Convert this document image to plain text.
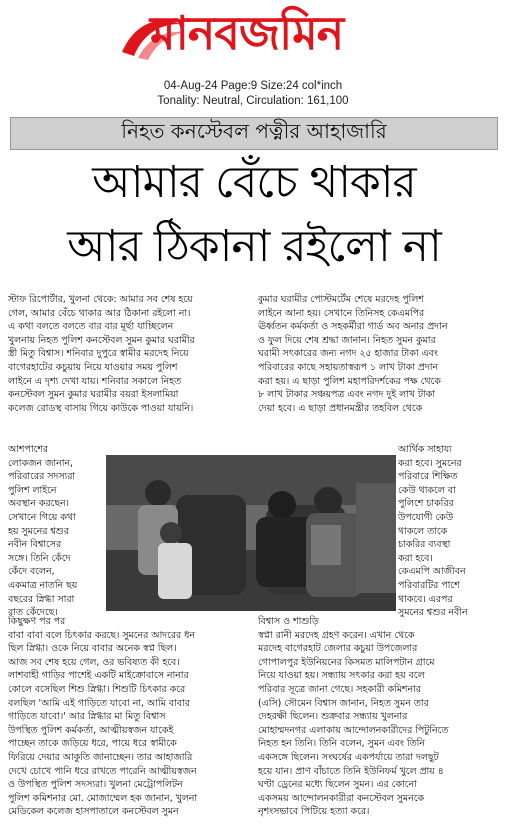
মানবজমিন
04-Aug-24 Page:9 Size:24 col*inch
Tonality: Neutral, Circulation: 161,100
নিহত কনস্টেবল পত্নীর আহাজারি
আমার বেঁচে থাকার
আর ঠিকানা রইলো না
স্টাফ রিপোর্টার, খুলনা থেকে: আমার সব শেষ হয়ে
গেল, আমার বেঁচে থাকার আর ঠিকানা রইলো না।
এ কথা বলতে বলতে বার বার মূর্ছা যাচ্ছিলেন
খুলনায় নিহত পুলিশ কনস্টেবল সুমন কুমার ঘরামীর
স্ত্রী মিতু বিশ্বাস। শনিবার দুপুরে স্বামীর মরদেহ নিয়ে
বাগেরহাটের কচুয়ায় নিয়ে যাওয়ার সময় পুলিশ
লাইনে এ দৃশ্য দেখা যায়। শনিবার সকালে নিহত
কনস্টেবল সুমন কুমার ঘরামীর বয়রা ইসলামিয়া
কলেজ রোডস্থ বাসায় গিয়ে কাউকে পাওয়া যায়নি।
কুমার ঘরামীর পোস্টমর্টেম শেষে মরদেহ পুলিশ
লাইনে আনা হয়। সেখানে তিনিসহ কেএমপির
ঊর্ধ্বতন কর্মকর্তা ও সহকর্মীরা গার্ড অব অনার প্রদান
ও ফুল দিয়ে শেষ শ্রদ্ধা জানান। নিহত সুমন কুমার
ঘরামী সৎকারের জন্য নগদ ২৫ হাজার টাকা এবং
পরিবারের কাছে সহায়তাস্বরূপ ১ লাখ টাকা প্রদান
করা হয়। এ ছাড়া পুলিশ মহাপরিদর্শকের পক্ষ থেকে
৮ লাখ টাকার সঞ্চয়পত্র এবং নগদ দুই লাখ টাকা
দেয়া হবে। এ ছাড়া প্রধানমন্ত্রীর তহবিল থেকে
আশপাশের
লোকজন জানান,
পরিবারের সদস্যরা
পুলিশ লাইনে
অবস্থান করছেন।
সেখানে গিয়ে কথা
হয় সুমনের শ্বশুর
নবীন বিশ্বাসের
সঙ্গে। তিনি কেঁদে
কেঁদে বলেন,
একমাত্র নাতনি ছয়
বছরের স্নিগ্ধা সারা
রাত কেঁদেছে।
আর্থিক সাহায্য
করা হবে। সুমনের
পরিবারে শিক্ষিত
কেউ থাকলে বা
পুলিশে চাকরির
উপযোগী কেউ
থাকলে তাকে
চাকরির ব্যবস্থা
করা হবে।
কেএমপি আজীবন
পরিবারটির পাশে
থাকবে। এরপর
সুমনের শ্বশুর নবীন
কিছুক্ষণ পর পর
বাবা বাবা বলে চিৎকার করছে। সুমনের আদরের ধন
ছিল স্নিগ্ধা। ওকে নিয়ে বাবার অনেক স্বপ্ন ছিল।
আজ সব শেষ হয়ে গেল, ওর ভবিষ্যত কী হবে।
লাশবাহী গাড়ির পাশেই একটি মাইক্রোবাসে নানার
কোলে বসেছিল শিশু স্নিগ্ধা। শিশুটি চিৎকার করে
বলছিল 'আমি এই গাড়িতে যাবো না, আমি বাবার
গাড়িতে যাবো।' আর স্নিগ্ধার মা মিতু বিশ্বাস
উপস্থিত পুলিশ কর্মকর্তা, আত্মীয়স্বজন যাকেই
পাচ্ছেন তাকে জড়িয়ে ধরে, পায়ে ধরে স্বামীকে
ফিরিয়ে দেয়ার আকুতি জানাচ্ছেন। তার আহাজারি
দেখে চোখে পানি ধরে রাখতে পারেনি আত্মীয়স্বজন
ও উপস্থিত পুলিশ সদস্যরা। খুলনা মেট্রোপলিটন
পুলিশ কমিশনার মো. মোজাম্মেল হক জানান, খুলনা
মেডিকেল কলেজ হাসপাতালে কনস্টেবল সুমন
বিশ্বাস ও শাশুড়ি
স্বপ্না রানী মরদেহ গ্রহণ করেন। এখান থেকে
মরদেহ বাগেরহাট জেলার কচুয়া উপজেলার
গোপালপুর ইউনিয়নের কিসমত মালিপটান গ্রামে
নিয়ে যাওয়া হয়। সন্ধ্যায় সৎকার করা হয় বলে
পরিবার সূত্রে জানা গেছে। সহকারী কমিশনার
(এসি) সৌমেন বিশ্বাস জানান, নিহত সুমন তার
দেহরক্ষী ছিলেন। শুক্রবার সন্ধ্যায় খুলনার
মোহাম্মদনগর এলাকায় আন্দোলনকারীদের পিটুনিতে
নিহত হন তিনি। তিনি বলেন, সুমন এবং তিনি
একসঙ্গে ছিলেন। সংঘর্ষের একপর্যায়ে তারা দলছুট
হয়ে যান। প্রাণ বাঁচাতে তিনি ইউনিফর্ম খুলে প্রায় ৪
ঘণ্টা ড্রেনের মধ্যে ছিলেন সুমন। এর কোনো
একসময় আন্দোলনকারীরা কনস্টেবল সুমনকে
নৃশংসভাবে পিটিয়ে হত্যা করে।
